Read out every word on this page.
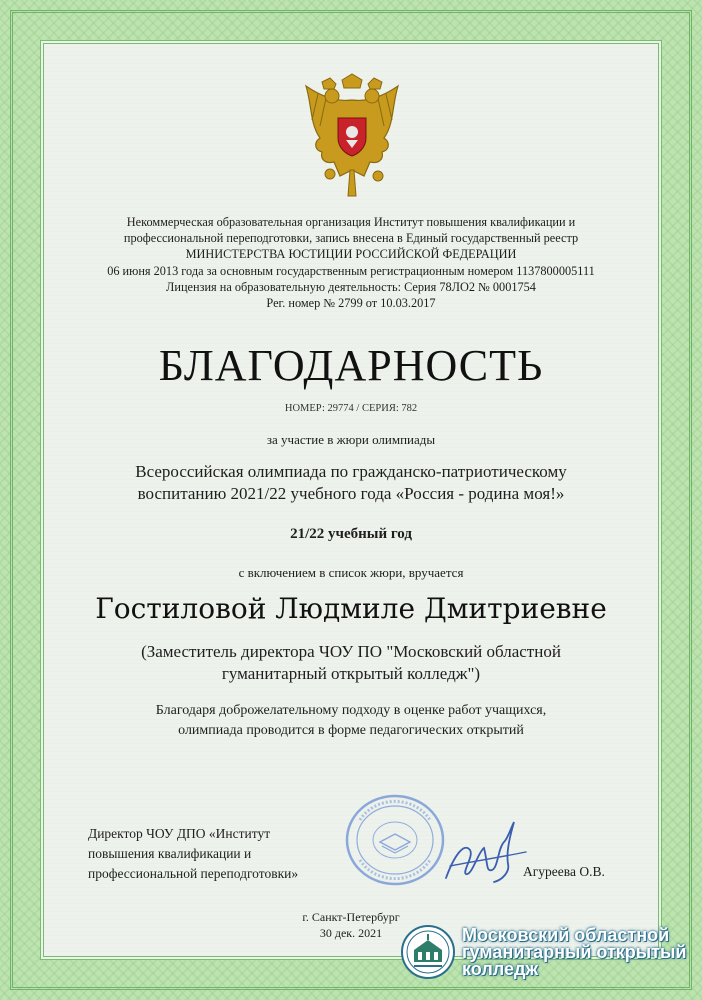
Некоммерческая образовательная организация Институт повышения квалификации и
профессиональной переподготовки, запись внесена в Единый государственный реестр
МИНИСТЕРСТВА ЮСТИЦИИ РОССИЙСКОЙ ФЕДЕРАЦИИ
06 июня 2013 года за основным государственным регистрационным номером 1137800005111
Лицензия на образовательную деятельность: Серия 78ЛО2 № 0001754
Рег. номер № 2799 от 10.03.2017
БЛАГОДАРНОСТЬ
НОМЕР: 29774 / СЕРИЯ: 782
за участие в жюри олимпиады
Всероссийская олимпиада по гражданско-патриотическому
воспитанию 2021/22 учебного года «Россия - родина моя!»
21/22 учебный год
с включением в список жюри, вручается
Гостиловой Людмиле Дмитриевне
(Заместитель директора ЧОУ ПО "Московский областной
гуманитарный открытый колледж")
Благодаря доброжелательному подходу в оценке работ учащихся,
олимпиада проводится в форме педагогических открытий
Директор ЧОУ ДПО «Институт
повышения квалификации и
профессиональной переподготовки»	Агуреева О.В.
г. Санкт-Петербург
30 дек. 2021	Московский областной
гуманитарный открытый
колледж
